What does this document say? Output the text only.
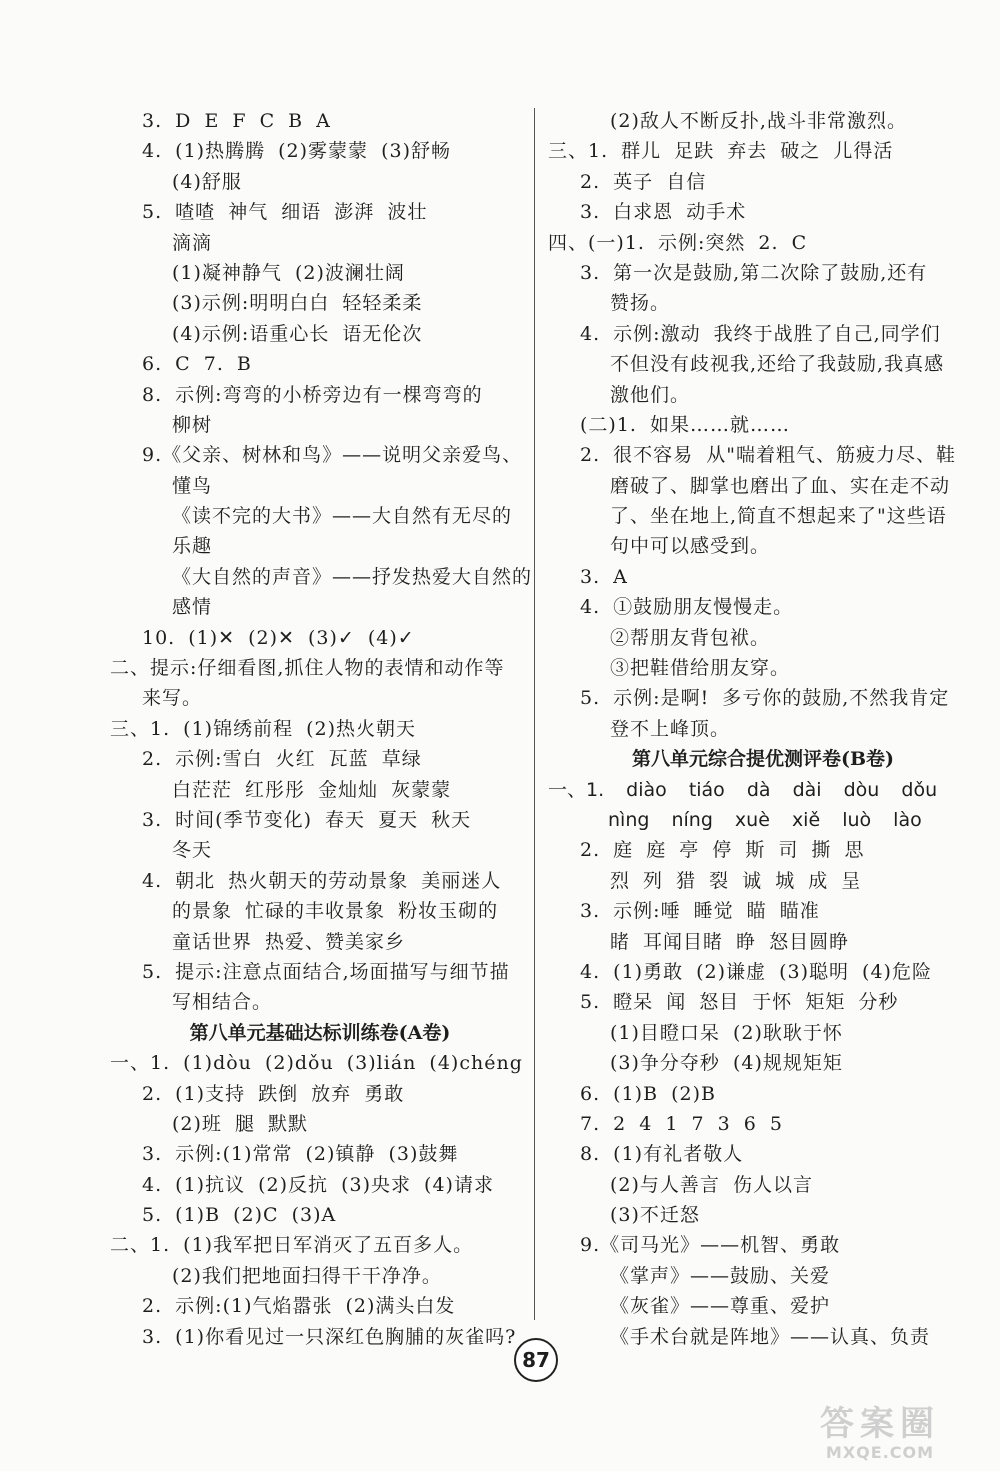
3. D E F C B A
4. (1)热腾腾 (2)雾蒙蒙 (3)舒畅
(4)舒服
5. 喳喳 神气 细语 澎湃 波壮
滴滴
(1)凝神静气 (2)波澜壮阔
(3)示例:明明白白 轻轻柔柔
(4)示例:语重心长 语无伦次
6. C 7. B
8. 示例:弯弯的小桥旁边有一棵弯弯的
柳树
9.《父亲、树林和鸟》——说明父亲爱鸟、
懂鸟
《读不完的大书》——大自然有无尽的
乐趣
《大自然的声音》——抒发热爱大自然的
感情
10. (1)✕ (2)✕ (3)✓ (4)✓
二、提示:仔细看图,抓住人物的表情和动作等
来写。
三、1. (1)锦绣前程 (2)热火朝天
2. 示例:雪白 火红 瓦蓝 草绿
白茫茫 红彤彤 金灿灿 灰蒙蒙
3. 时间(季节变化) 春天 夏天 秋天
冬天
4. 朝北 热火朝天的劳动景象 美丽迷人
的景象 忙碌的丰收景象 粉妆玉砌的
童话世界 热爱、赞美家乡
5. 提示:注意点面结合,场面描写与细节描
写相结合。
第八单元基础达标训练卷(A卷)
一、1. (1)dòu (2)dǒu (3)lián (4)chéng
2. (1)支持 跌倒 放弃 勇敢
(2)班 腿 默默
3. 示例:(1)常常 (2)镇静 (3)鼓舞
4. (1)抗议 (2)反抗 (3)央求 (4)请求
5. (1)B (2)C (3)A
二、1. (1)我军把日军消灭了五百多人。
(2)我们把地面扫得干干净净。
2. 示例:(1)气焰嚣张 (2)满头白发
3. (1)你看见过一只深红色胸脯的灰雀吗?
(2)敌人不断反扑,战斗非常激烈。
三、1. 群儿 足趺 弃去 破之 儿得活
2. 英子 自信
3. 白求恩 动手术
四、(一)1. 示例:突然 2. C
3. 第一次是鼓励,第二次除了鼓励,还有
赞扬。
4. 示例:激动 我终于战胜了自己,同学们
不但没有歧视我,还给了我鼓励,我真感
激他们。
(二)1. 如果……就……
2. 很不容易 从"喘着粗气、筋疲力尽、鞋
磨破了、脚掌也磨出了血、实在走不动
了、坐在地上,简直不想起来了"这些语
句中可以感受到。
3. A
4. ①鼓励朋友慢慢走。
②帮朋友背包袱。
③把鞋借给朋友穿。
5. 示例:是啊! 多亏你的鼓励,不然我肯定
登不上峰顶。
第八单元综合提优测评卷(B卷)
一、1. diào tiáo dà dài dòu dǒu
nìng níng xuè xiě luò lào
2. 庭 庭 亭 停 斯 司 撕 思
烈 列 猎 裂 诚 城 成 呈
3. 示例:唾 睡觉 瞄 瞄准
睹 耳闻目睹 睁 怒目圆睁
4. (1)勇敢 (2)谦虚 (3)聪明 (4)危险
5. 瞪呆 闻 怒目 于怀 矩矩 分秒
(1)目瞪口呆 (2)耿耿于怀
(3)争分夺秒 (4)规规矩矩
6. (1)B (2)B
7. 2 4 1 7 3 6 5
8. (1)有礼者敬人
(2)与人善言 伤人以言
(3)不迁怒
9.《司马光》——机智、勇敢
《掌声》——鼓励、关爱
《灰雀》——尊重、爱护
《手术台就是阵地》——认真、负责
87
答案圈
MXQE.COM
